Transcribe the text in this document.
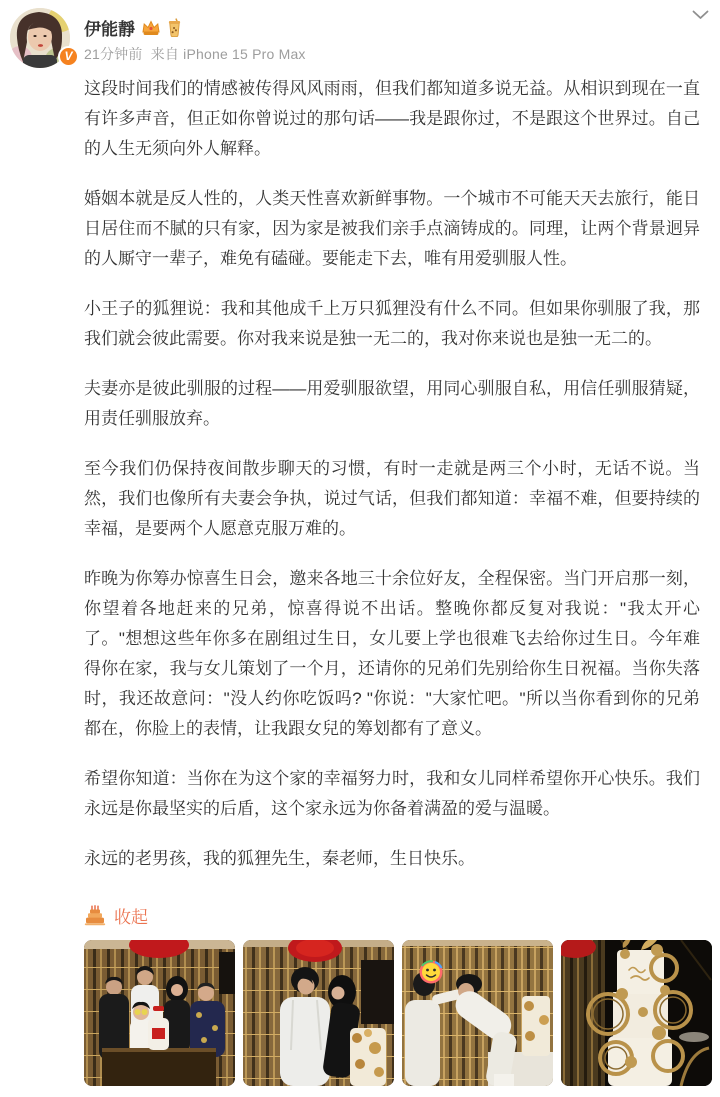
V
伊能靜
21分钟前 来自 iPhone 15 Pro Max

这段时间我们的情感被传得风风雨雨，但我们都知道多说无益。从相识到现在一直有许多声音，但正如你曾说过的那句话——我是跟你过，不是跟这个世界过。自己的人生无须向外人解释。

婚姻本就是反人性的，人类天性喜欢新鲜事物。一个城市不可能天天去旅行，能日日居住而不腻的只有家，因为家是被我们亲手点滴铸成的。同理，让两个背景迥异的人厮守一辈子，难免有磕碰。要能走下去，唯有用爱驯服人性。

小王子的狐狸说：我和其他成千上万只狐狸没有什么不同。但如果你驯服了我，那我们就会彼此需要。你对我来说是独一无二的，我对你来说也是独一无二的。

夫妻亦是彼此驯服的过程——用爱驯服欲望，用同心驯服自私，用信任驯服猜疑，用责任驯服放弃。

至今我们仍保持夜间散步聊天的习惯，有时一走就是两三个小时，无话不说。当然，我们也像所有夫妻会争执，说过气话，但我们都知道：幸福不难，但要持续的幸福，是要两个人愿意克服万难的。

昨晚为你筹办惊喜生日会，邀来各地三十余位好友，全程保密。当门开启那一刻，你望着各地赶来的兄弟，惊喜得说不出话。整晚你都反复对我说："我太开心了。"想想这些年你多在剧组过生日，女儿要上学也很难飞去给你过生日。今年难得你在家，我与女儿策划了一个月，还请你的兄弟们先别给你生日祝福。当你失落时，我还故意问："没人约你吃饭吗? "你说："大家忙吧。"所以当你看到你的兄弟都在，你脸上的表情，让我跟女兒的筹划都有了意义。

希望你知道：当你在为这个家的幸福努力时，我和女儿同样希望你开心快乐。我们永远是你最坚实的后盾，这个家永远为你备着满盈的爱与温暖。

永远的老男孩，我的狐狸先生，秦老师，生日快乐。

收起
